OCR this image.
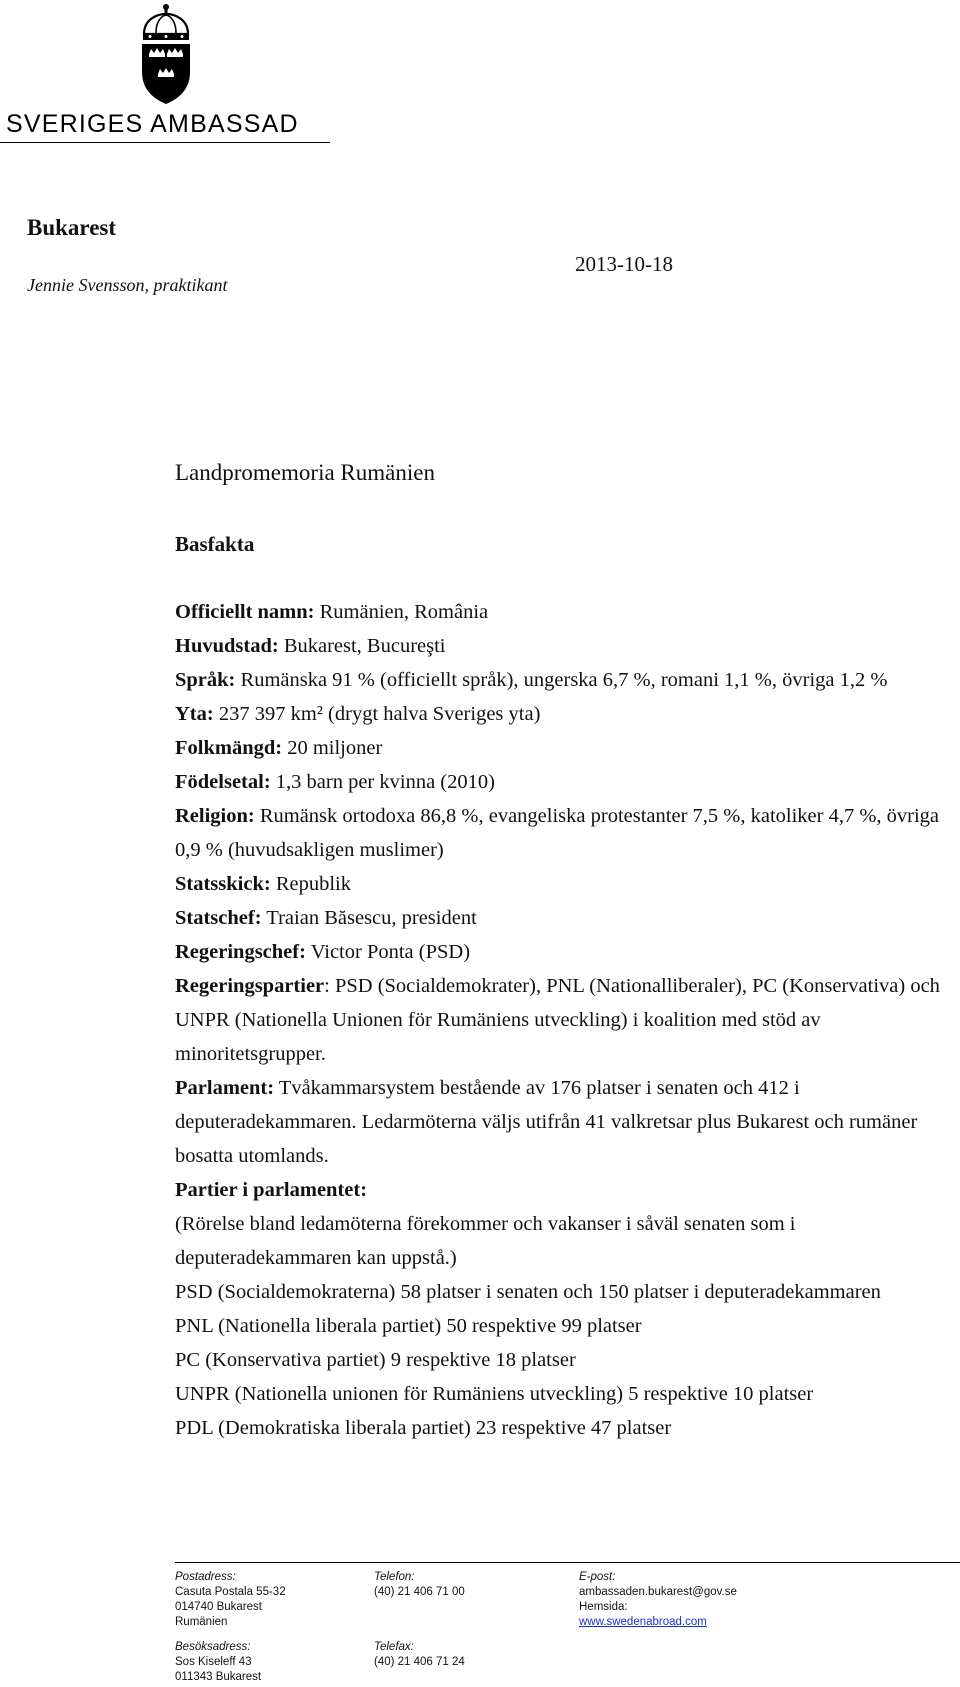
SVERIGES AMBASSAD
Bukarest
Jennie Svensson, praktikant
2013-10-18
Landpromemoria Rumänien
Basfakta

Officiellt namn: Rumänien, România

Huvudstad: Bukarest, Bucureşti

Språk: Rumänska 91 % (officiellt språk), ungerska 6,7 %, romani 1,1 %, övriga 1,2 %

Yta: 237 397 km² (drygt halva Sveriges yta)

Folkmängd: 20 miljoner

Födelsetal: 1,3 barn per kvinna (2010)

Religion: Rumänsk ortodoxa 86,8 %, evangeliska protestanter 7,5 %, katoliker 4,7 %, övriga 0,9 % (huvudsakligen muslimer)

Statsskick: Republik

Statschef: Traian Băsescu, president

Regeringschef: Victor Ponta (PSD)

Regeringspartier: PSD (Socialdemokrater), PNL (Nationalliberaler), PC (Konservativa) och UNPR (Nationella Unionen för Rumäniens utveckling) i koalition med stöd av minoritetsgrupper.

Parlament: Tvåkammarsystem bestående av 176 platser i senaten och 412 i deputeradekammaren. Ledarmöterna väljs utifrån 41 valkretsar plus Bukarest och rumäner bosatta utomlands.

Partier i parlamentet:

(Rörelse bland ledamöterna förekommer och vakanser i såväl senaten som i deputeradekammaren kan uppstå.)

PSD (Socialdemokraterna) 58 platser i senaten och 150 platser i deputeradekammaren

PNL (Nationella liberala partiet) 50 respektive 99 platser

PC (Konservativa partiet) 9 respektive 18 platser

UNPR (Nationella unionen för Rumäniens utveckling) 5 respektive 10 platser

PDL (Demokratiska liberala partiet) 23 respektive 47 platser

Postadress:
Casuta Postala 55-32
014740 Bukarest
Rumänien
Besöksadress:
Sos Kiseleff 43
011343 Bukarest
Telefon:
(40) 21 406 71 00
Telefax:
(40) 21 406 71 24
E-post:
ambassaden.bukarest@gov.se
Hemsida:
www.swedenabroad.com
